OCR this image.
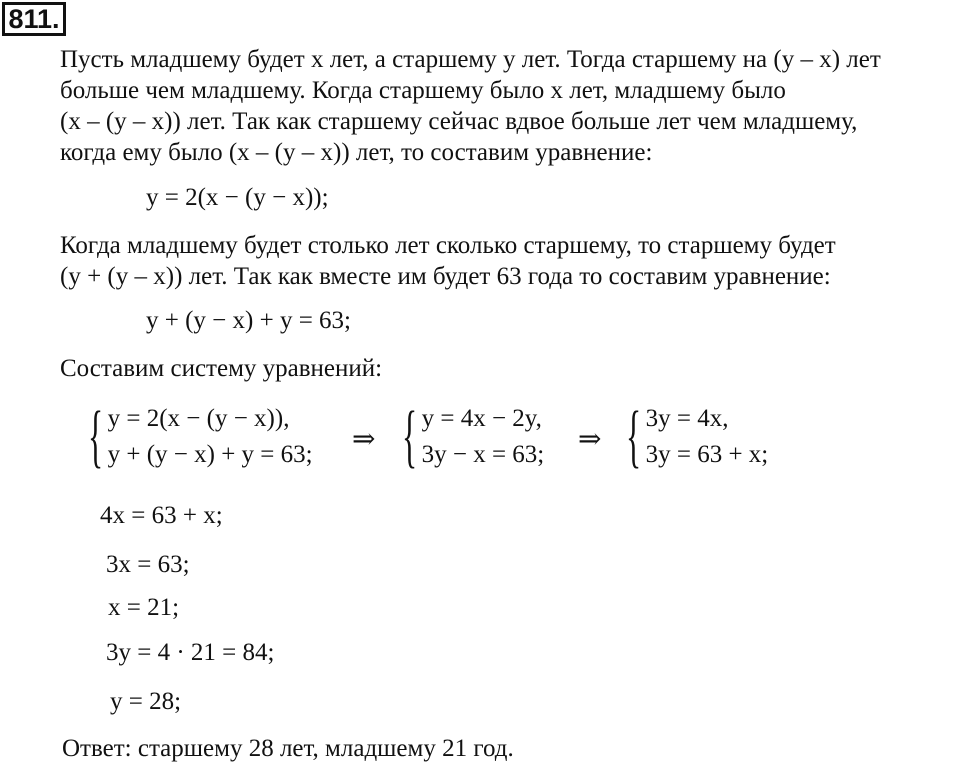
811.
Пусть младшему будет x лет, а старшему y лет. Тогда старшему на (y – x) лет
больше чем младшему. Когда старшему было x лет, младшему было
(x – (y – x)) лет. Так как старшему сейчас вдвое больше лет чем младшему,
когда ему было (x – (y – x)) лет, то составим уравнение:
y = 2(x − (y − x));
Когда младшему будет столько лет сколько старшему, то старшему будет
(y + (y – x)) лет. Так как вместе им будет 63 года то составим уравнение:
y + (y − x) + y = 63;
Составим систему уравнений:
{ y = 2(x − (y − x)),
y + (y − x) + y = 63; ⇒ { y = 4x − 2y,
3y − x = 63; ⇒ { 3y = 4x,
3y = 63 + x;
4x = 63 + x;
3x = 63;
x = 21;
3y = 4 · 21 = 84;
y = 28;
Ответ: старшему 28 лет, младшему 21 год.
